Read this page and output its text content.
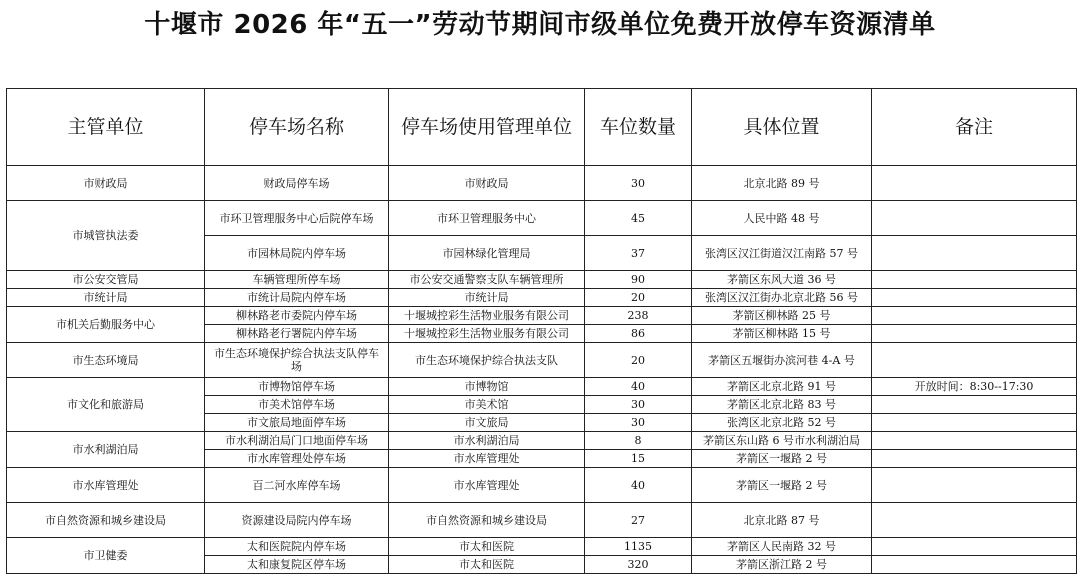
十堰市 2026 年“五一”劳动节期间市级单位免费开放停车资源清单
主管单位	停车场名称	停车场使用管理单位	车位数量	具体位置	备注
市财政局	财政局停车场	市财政局	30	北京北路 89 号	
市城管执法委	市环卫管理服务中心后院停车场	市环卫管理服务中心	45	人民中路 48 号	
	市园林局院内停车场	市园林绿化管理局	37	张湾区汉江街道汉江南路 57 号	
市公安交管局	车辆管理所停车场	市公安交通警察支队车辆管理所	90	茅箭区东风大道 36 号	
市统计局	市统计局院内停车场	市统计局	20	张湾区汉江街办北京北路 56 号	
市机关后勤服务中心	柳林路老市委院内停车场	十堰城控彩生活物业服务有限公司	238	茅箭区柳林路 25 号	
	柳林路老行署院内停车场	十堰城控彩生活物业服务有限公司	86	茅箭区柳林路 15 号	
市生态环境局	市生态环境保护综合执法支队停车场	市生态环境保护综合执法支队	20	茅箭区五堰街办滨河巷 4-A 号	
市文化和旅游局	市博物馆停车场	市博物馆	40	茅箭区北京北路 91 号	开放时间：8:30--17:30
	市美术馆停车场	市美术馆	30	茅箭区北京北路 83 号	
	市文旅局地面停车场	市文旅局	30	张湾区北京北路 52 号	
市水利湖泊局	市水利湖泊局门口地面停车场	市水利湖泊局	8	茅箭区东山路 6 号市水利湖泊局	
	市水库管理处停车场	市水库管理处	15	茅箭区一堰路 2 号	
市水库管理处	百二河水库停车场	市水库管理处	40	茅箭区一堰路 2 号	
市自然资源和城乡建设局	资源建设局院内停车场	市自然资源和城乡建设局	27	北京北路 87 号	
市卫健委	太和医院院内停车场	市太和医院	1135	茅箭区人民南路 32 号	
	太和康复院区停车场	市太和医院	320	茅箭区浙江路 2 号	
